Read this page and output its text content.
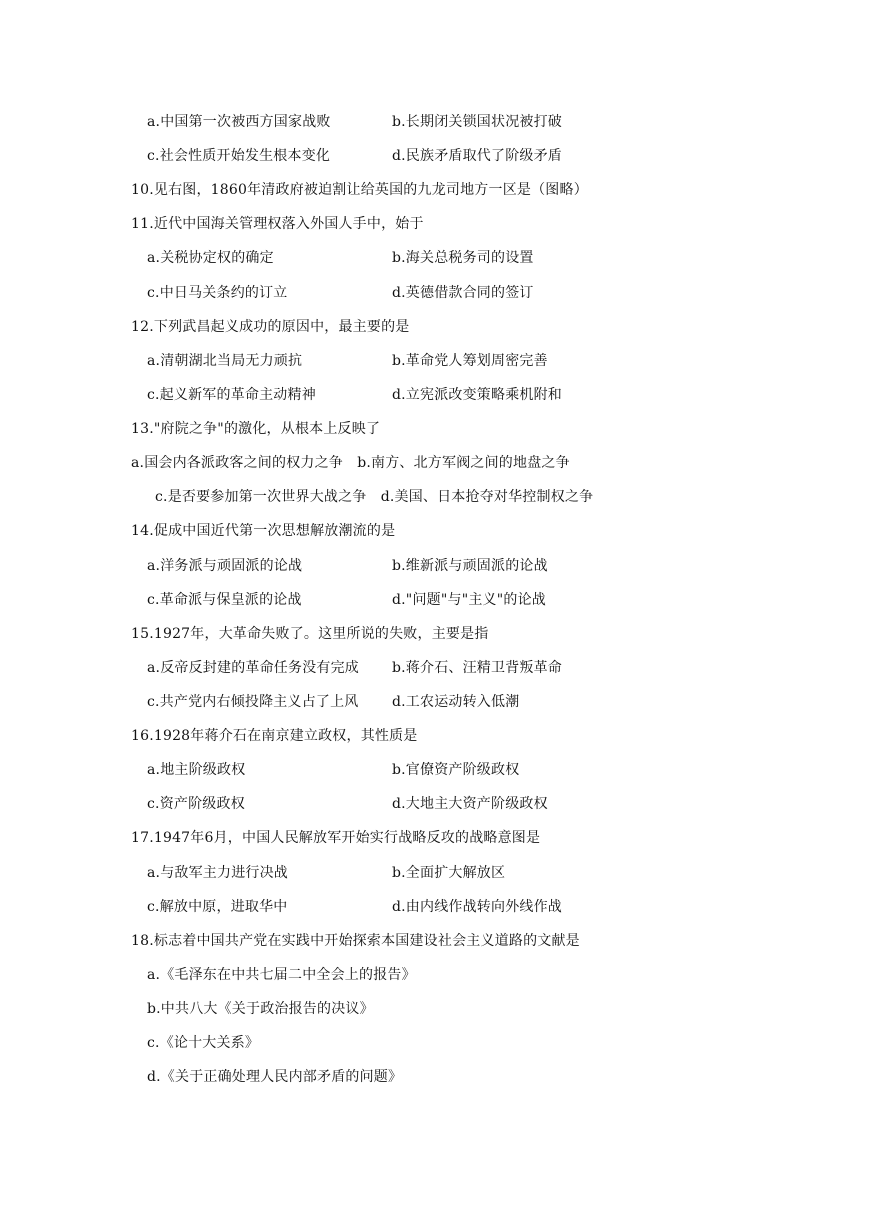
a.中国第一次被西方国家战败	b.长期闭关锁国状况被打破
c.社会性质开始发生根本变化	d.民族矛盾取代了阶级矛盾
10.见右图，1860年清政府被迫割让给英国的九龙司地方一区是（图略）
11.近代中国海关管理权落入外国人手中，始于
a.关税协定权的确定	b.海关总税务司的设置
c.中日马关条约的订立	d.英德借款合同的签订
12.下列武昌起义成功的原因中，最主要的是
a.清朝湖北当局无力顽抗	b.革命党人筹划周密完善
c.起义新军的革命主动精神	d.立宪派改变策略乘机附和
13."府院之争"的激化，从根本上反映了
a.国会内各派政客之间的权力之争　b.南方、北方军阀之间的地盘之争
c.是否要参加第一次世界大战之争　d.美国、日本抢夺对华控制权之争
14.促成中国近代第一次思想解放潮流的是
a.洋务派与顽固派的论战	b.维新派与顽固派的论战
c.革命派与保皇派的论战	d."问题"与"主义"的论战
15.1927年，大革命失败了。这里所说的失败，主要是指
a.反帝反封建的革命任务没有完成 b.蒋介石、汪精卫背叛革命
c.共产党内右倾投降主义占了上风 d.工农运动转入低潮
16.1928年蒋介石在南京建立政权，其性质是
a.地主阶级政权	b.官僚资产阶级政权
c.资产阶级政权	d.大地主大资产阶级政权
17.1947年6月，中国人民解放军开始实行战略反攻的战略意图是
a.与敌军主力进行决战	b.全面扩大解放区
c.解放中原，进取华中	d.由内线作战转向外线作战
18.标志着中国共产党在实践中开始探索本国建设社会主义道路的文献是
a.《毛泽东在中共七届二中全会上的报告》
b.中共八大《关于政治报告的决议》
c.《论十大关系》
d.《关于正确处理人民内部矛盾的问题》
